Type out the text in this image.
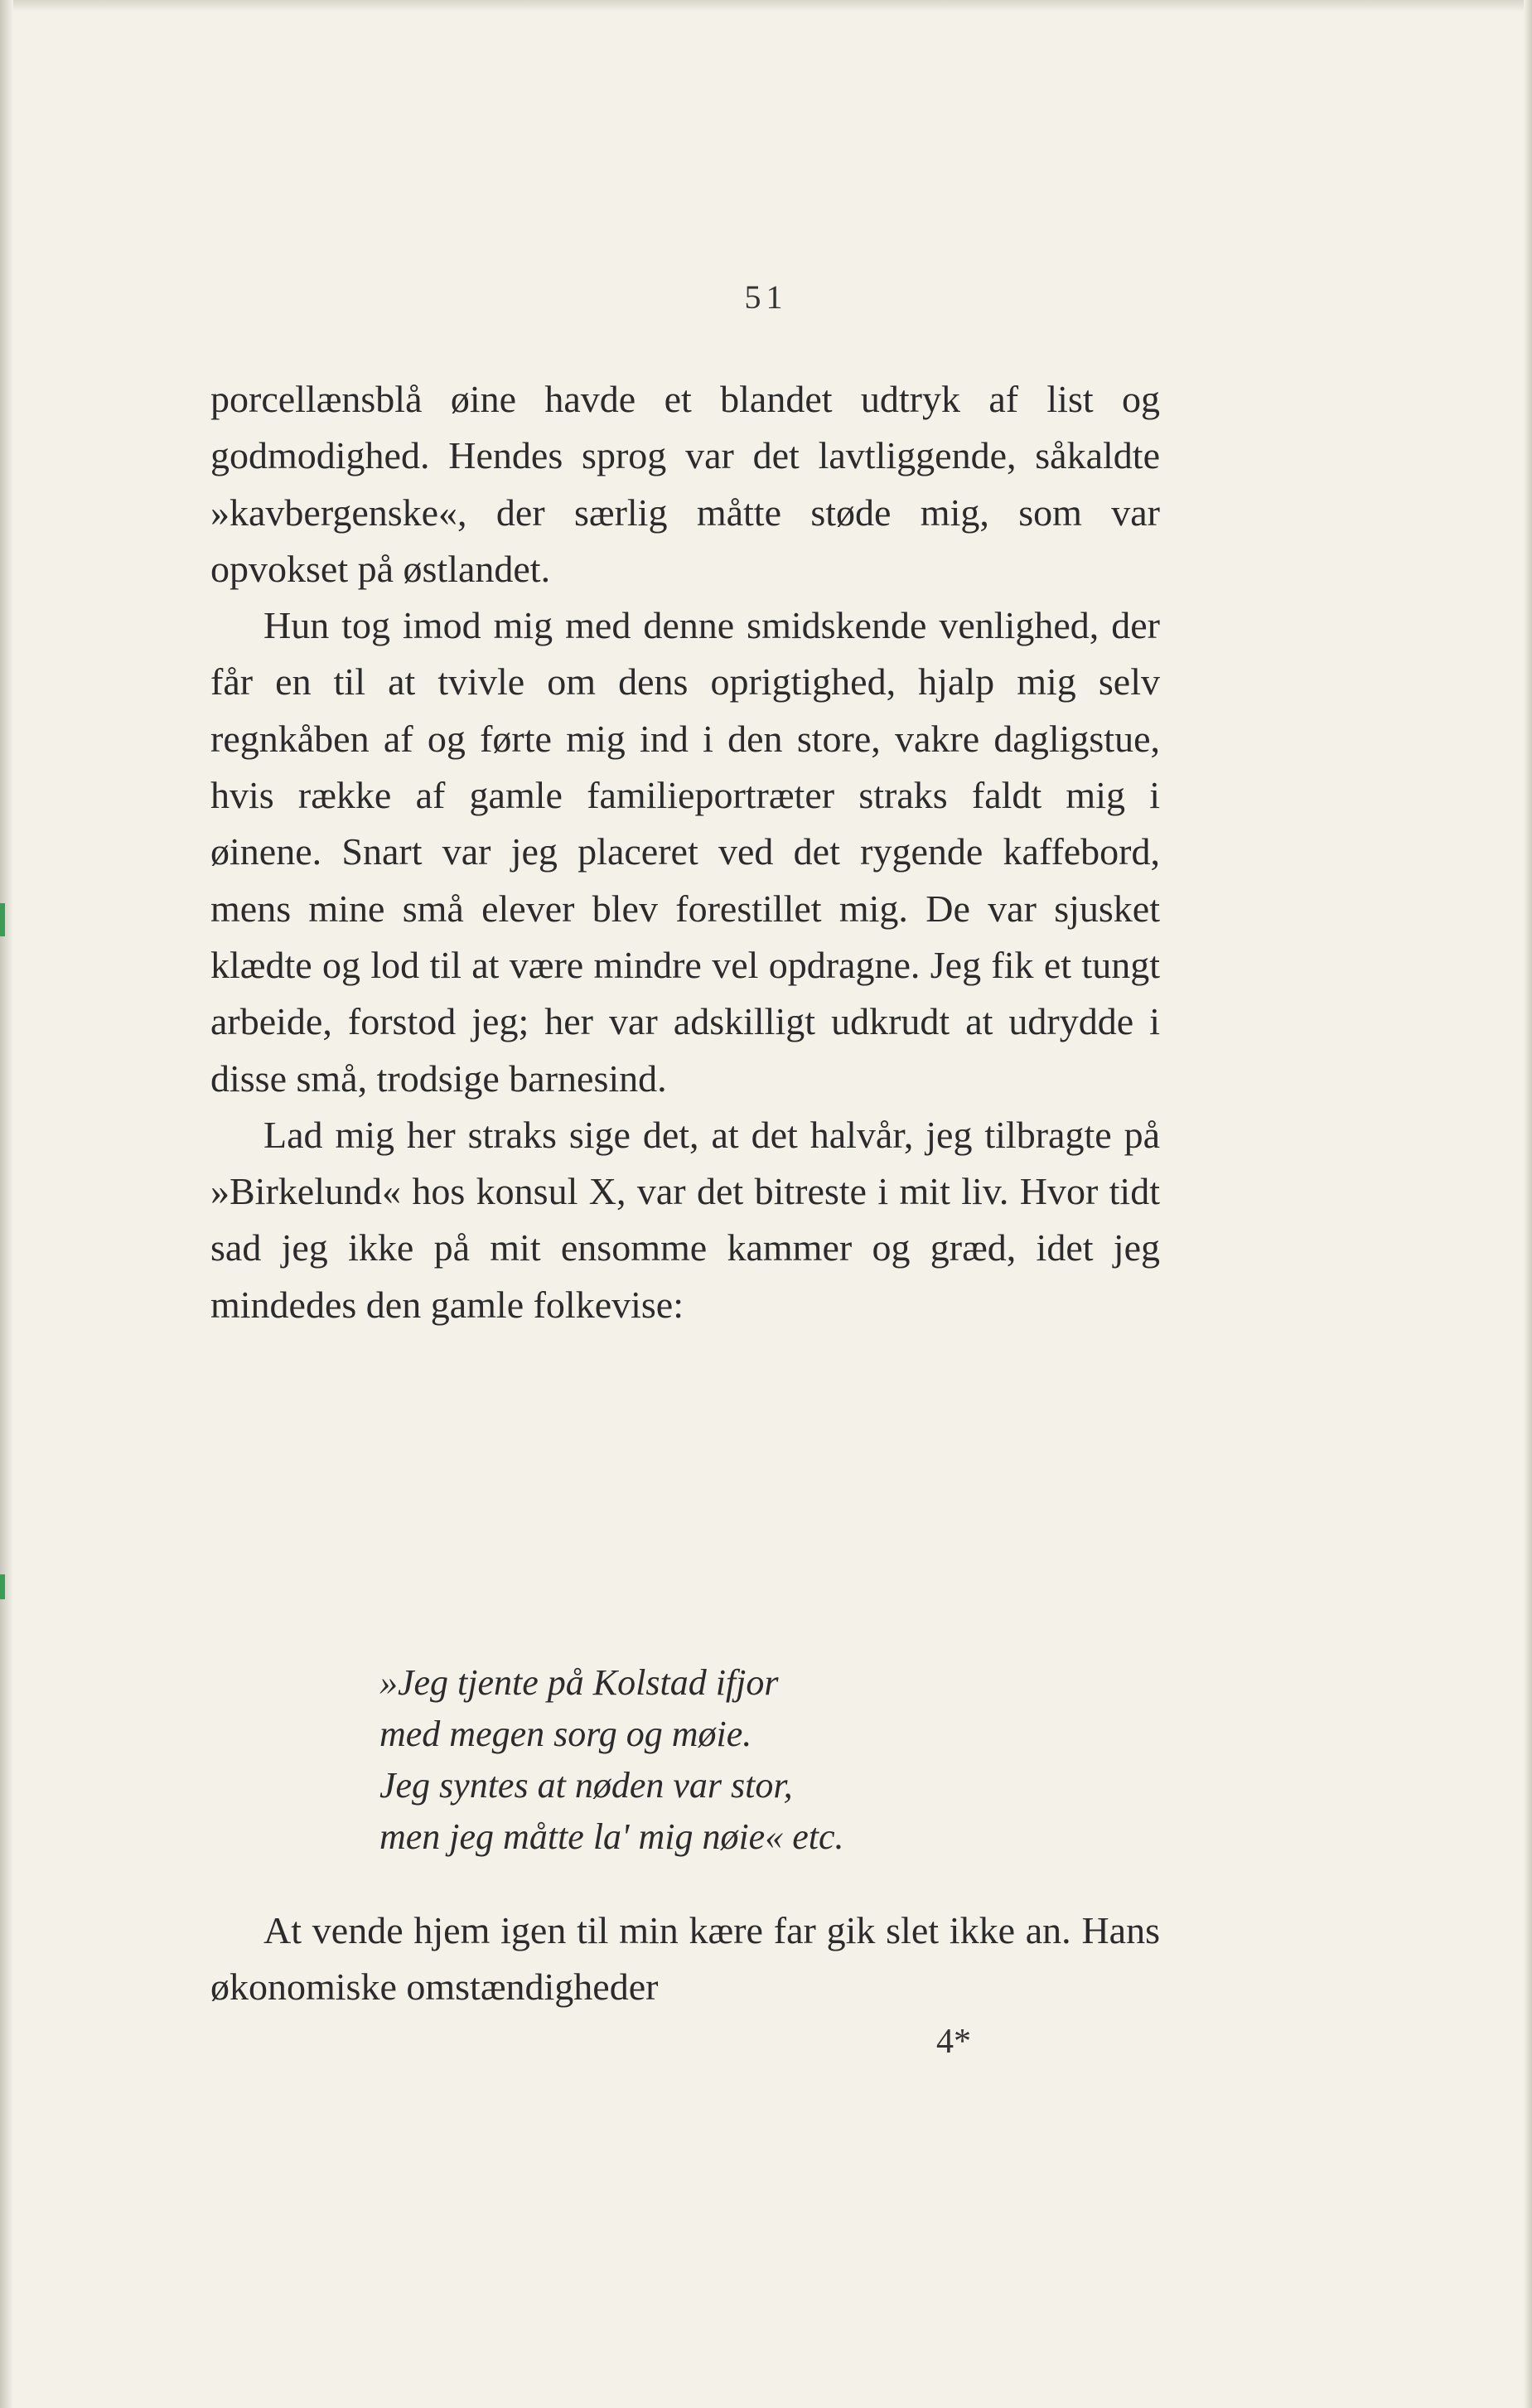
51

porcellænsblå øine havde et blandet udtryk af list og godmodighed. Hendes sprog var det lavtliggende, såkaldte »kavbergenske«, der særlig måtte støde mig, som var opvokset på østlandet.

Hun tog imod mig med denne smidskende venlighed, der får en til at tvivle om dens oprigtighed, hjalp mig selv regnkåben af og førte mig ind i den store, vakre dagligstue, hvis række af gamle familieportræter straks faldt mig i øinene. Snart var jeg placeret ved det rygende kaffebord, mens mine små elever blev forestillet mig. De var sjusket klædte og lod til at være mindre vel opdragne. Jeg fik et tungt arbeide, forstod jeg; her var adskilligt udkrudt at udrydde i disse små, trodsige barnesind.

Lad mig her straks sige det, at det halvår, jeg tilbragte på »Birkelund« hos konsul X, var det bitreste i mit liv. Hvor tidt sad jeg ikke på mit ensomme kammer og græd, idet jeg mindedes den gamle folkevise:

»Jeg tjente på Kolstad ifjor
med megen sorg og møie.
Jeg syntes at nøden var stor,
men jeg måtte la' mig nøie« etc.

At vende hjem igen til min kære far gik slet ikke an. Hans økonomiske omstændigheder

4*
